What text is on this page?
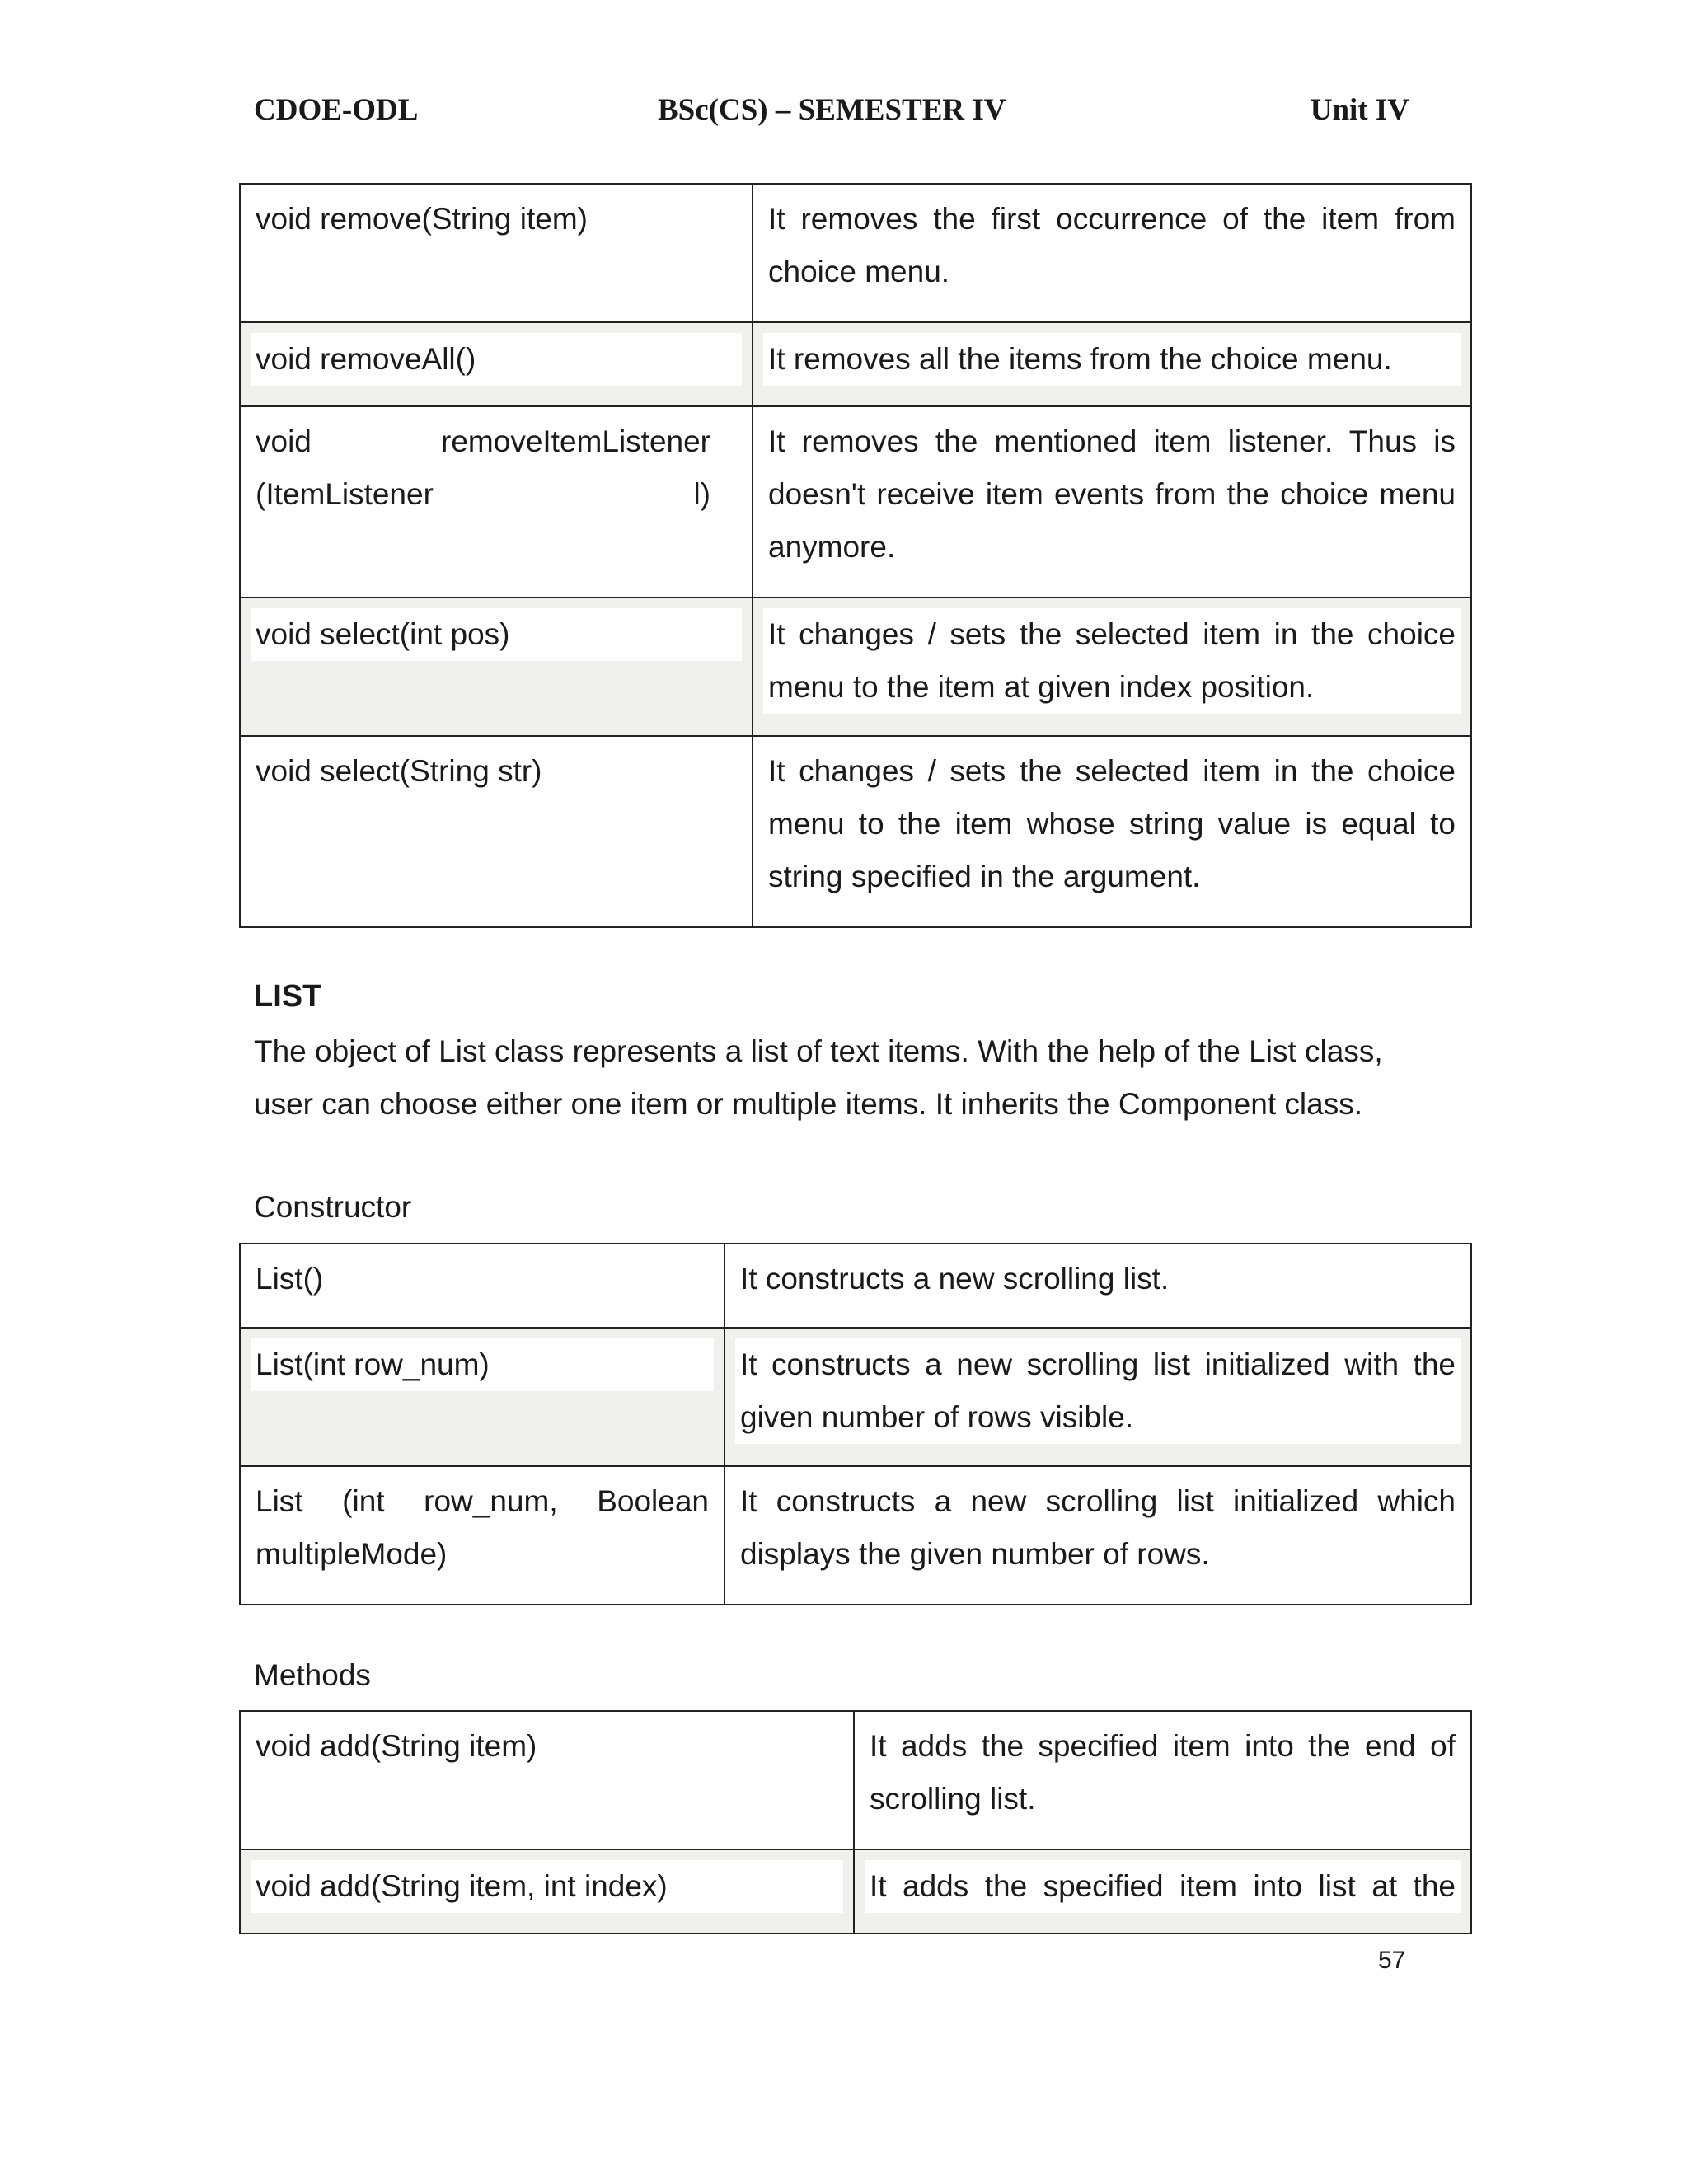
CDOE-ODL	BSc(CS) – SEMESTER IV	Unit IV
void remove(String item)	It removes the first occurrence of the item from choice menu.

void removeAll()	It removes all the items from the choice menu.

void removeItemListener (ItemListener l)	It removes the mentioned item listener. Thus is doesn't receive item events from the choice menu anymore.

void select(int pos)	It changes / sets the selected item in the choice menu to the item at given index position.

void select(String str)	It changes / sets the selected item in the choice menu to the item whose string value is equal to string specified in the argument.
LIST
The object of List class represents a list of text items. With the help of the List class, user can choose either one item or multiple items. It inherits the Component class.
Constructor
List()	It constructs a new scrolling list.

List(int row_num)	It constructs a new scrolling list initialized with the given number of rows visible.

List (int row_num, Boolean multipleMode)	It constructs a new scrolling list initialized which displays the given number of rows.
Methods
void add(String item)	It adds the specified item into the end of scrolling list.

void add(String item, int index)	It adds the specified item into list at the
57
